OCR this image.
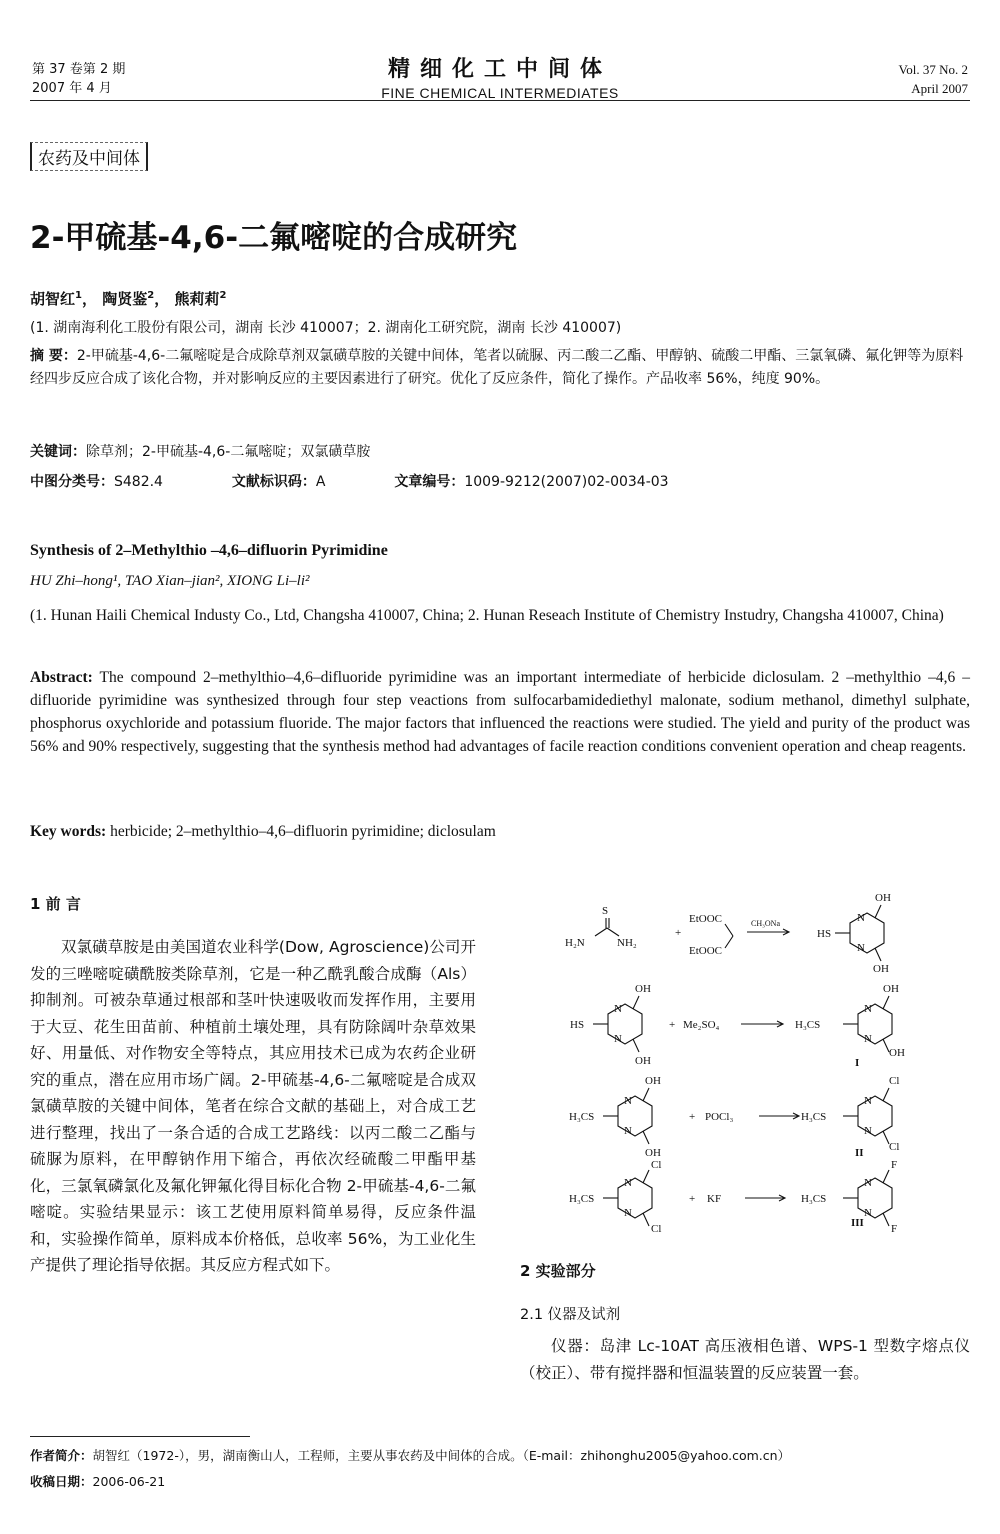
第 37 卷第 2 期
2007 年 4 月
精细化工中间体
FINE CHEMICAL INTERMEDIATES
Vol. 37 No. 2
April 2007
农药及中间体
2-甲硫基-4,6-二氟嘧啶的合成研究
胡智红$^1$， 陶贤鉴$^2$， 熊莉莉$^2$
(1. 湖南海利化工股份有限公司，湖南 长沙 410007；2. 湖南化工研究院，湖南 长沙 410007)
摘 要：2-甲硫基-4,6-二氟嘧啶是合成除草剂双氯磺草胺的关键中间体，笔者以硫脲、丙二酸二乙酯、甲醇钠、硫酸二甲酯、三氯氧磷、氟化钾等为原料经四步反应合成了该化合物，并对影响反应的主要因素进行了研究。优化了反应条件，简化了操作。产品收率 56%，纯度 90%。
关键词：除草剂；2-甲硫基-4,6-二氟嘧啶；双氯磺草胺
中图分类号：S482.4	文献标识码：A	文章编号：1009-9212(2007)02-0034-03
Synthesis of 2–Methylthio –4,6–difluorin Pyrimidine
HU Zhi–hong¹, TAO Xian–jian², XIONG Li–li²
(1. Hunan Haili Chemical Industy Co., Ltd, Changsha 410007, China; 2. Hunan Reseach Institute of Chemistry Instudry, Changsha 410007, China)
Abstract: The compound 2–methylthio–4,6–difluoride pyrimidine was an important intermediate of herbicide diclosulam. 2 –methylthio –4,6 –difluoride pyrimidine was synthesized through four step veactions from sulfocarbamidediethyl malonate, sodium methanol, dimethyl sulphate, phosphorus oxychloride and potassium fluoride. The major factors that influenced the reactions were studied. The yield and purity of the product was 56% and 90% respectively, suggesting that the synthesis method had advantages of facile reaction conditions convenient operation and cheap reagents.
Key words: herbicide; 2–methylthio–4,6–difluorin pyrimidine; diclosulam
1 前 言
双氯磺草胺是由美国道农业科学(Dow, Agroscience)公司开发的三唑嘧啶磺酰胺类除草剂，它是一种乙酰乳酸合成酶（Als）抑制剂。可被杂草通过根部和茎叶快速吸收而发挥作用，主要用于大豆、花生田苗前、种植前土壤处理，具有防除阔叶杂草效果好、用量低、对作物安全等特点，其应用技术已成为农药企业研究的重点，潜在应用市场广阔。2-甲硫基-4,6-二氟嘧啶是合成双氯磺草胺的关键中间体，笔者在综合文献的基础上，对合成工艺进行整理，找出了一条合适的合成工艺路线：以丙二酸二乙酯与硫脲为原料，在甲醇钠作用下缩合，再依次经硫酸二甲酯甲基化，三氯氧磷氯化及氟化钾氟化得目标化合物 2-甲硫基-4,6-二氟嘧啶。实验结果显示：该工艺使用原料简单易得，反应条件温和，实验操作简单，原料成本价格低，总收率 56%，为工业化生产提供了理论指导依据。其反应方程式如下。
S
H₂N	NH₂
+
EtOOC
EtOOC
CH₃ONa
HS
N
N
OH
OH
HS
N
N
OH
OH
+ Me₂SO₄	H₃CS
N
N
OH
OH
I
H₃CS
N
N
OH
OH
+ POCl₃	H₃CS
N
N
Cl
Cl
II
H₃CS
N
N
Cl
Cl
+ KF	H₃CS
N
N
F
F
III
2 实验部分
2.1 仪器及试剂
仪器：岛津 Lc-10AT 高压液相色谱、WPS-1 型数字熔点仪（校正）、带有搅拌器和恒温装置的反应装置一套。
作者简介：胡智红（1972-），男，湖南衡山人，工程师，主要从事农药及中间体的合成。（E-mail：zhihonghu2005@yahoo.com.cn）
收稿日期：2006-06-21
